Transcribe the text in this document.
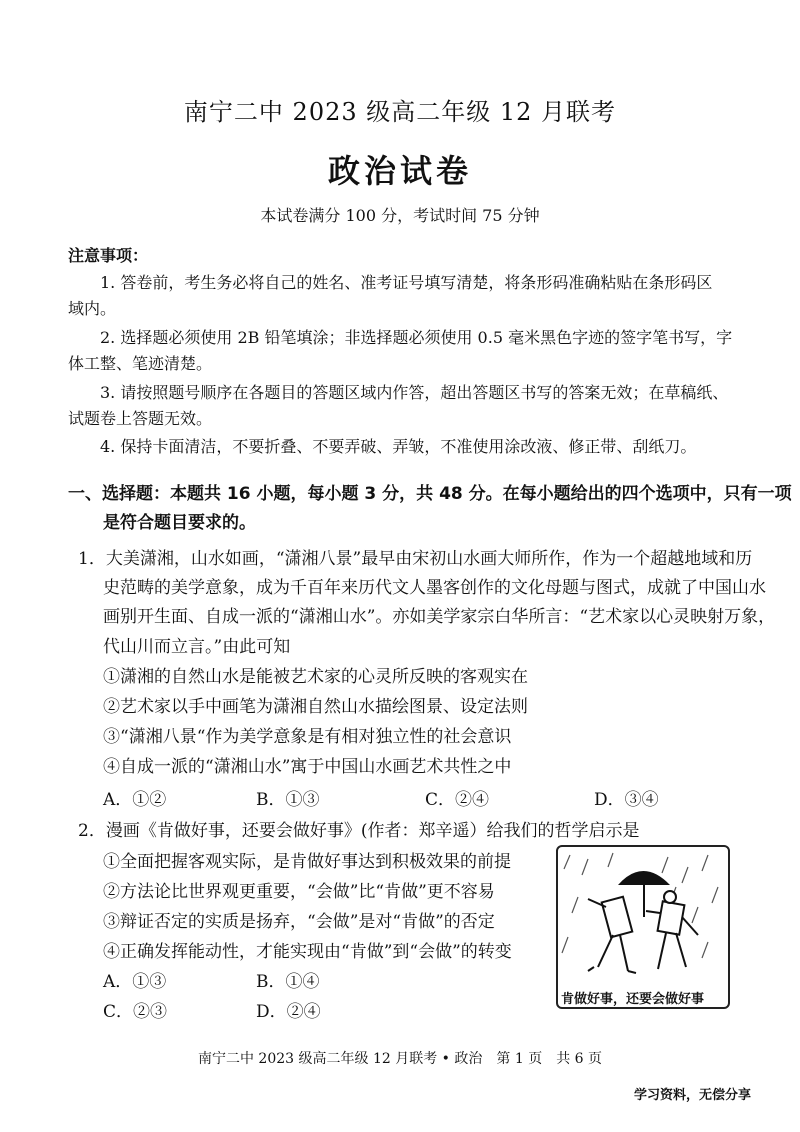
南宁二中 2023 级高二年级 12 月联考
政治试卷
本试卷满分 100 分，考试时间 75 分钟
注意事项：
1. 答卷前，考生务必将自己的姓名、准考证号填写清楚，将条形码准确粘贴在条形码区
域内。
2. 选择题必须使用 2B 铅笔填涂；非选择题必须使用 0.5 毫米黑色字迹的签字笔书写，字
体工整、笔迹清楚。
3. 请按照题号顺序在各题目的答题区域内作答，超出答题区书写的答案无效；在草稿纸、
试题卷上答题无效。
4. 保持卡面清洁，不要折叠、不要弄破、弄皱，不准使用涂改液、修正带、刮纸刀。
一、选择题：本题共 16 小题，每小题 3 分，共 48 分。在每小题给出的四个选项中，只有一项
是符合题目要求的。
1．大美潇湘，山水如画，“潇湘八景”最早由宋初山水画大师所作，作为一个超越地域和历
史范畴的美学意象，成为千百年来历代文人墨客创作的文化母题与图式，成就了中国山水
画别开生面、自成一派的“潇湘山水”。亦如美学家宗白华所言：“艺术家以心灵映射万象，
代山川而立言。”由此可知
①潇湘的自然山水是能被艺术家的心灵所反映的客观实在
②艺术家以手中画笔为潇湘自然山水描绘图景、设定法则
③“潇湘八景“作为美学意象是有相对独立性的社会意识
④自成一派的“潇湘山水”寓于中国山水画艺术共性之中
A．①②	B．①③	C．②④	D．③④
2．漫画《肯做好事，还要会做好事》(作者：郑辛遥）给我们的哲学启示是
①全面把握客观实际，是肯做好事达到积极效果的前提
②方法论比世界观更重要，“会做”比“肯做”更不容易
③辩证否定的实质是扬弃，“会做”是对“肯做”的否定
④正确发挥能动性，才能实现由“肯做”到“会做”的转变
A．①③	B．①④
C．②③	D．②④
肯做好事，还要会做好事
南宁二中 2023 级高二年级 12 月联考 • 政治　第 1 页　共 6 页
学习资料，无偿分享
